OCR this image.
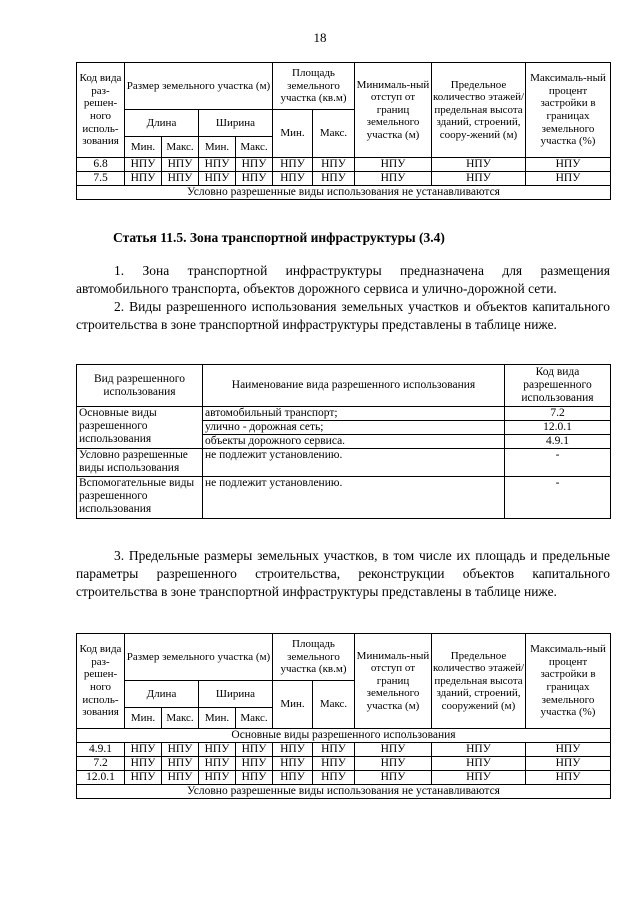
18
Код вида раз-решен-ного исполь-зования	Размер земельного участка (м)				Площадь земельного участка (кв.м)		Минималь-ный отступ от границ земельного участка (м)	Предельное количество этажей/ предельная высота зданий, строений, соору-жений (м)	Максималь-ный процент застройки в границах земельного участка (%)
	Длина		Ширина		Мин.	Макс.			
	Мин.	Макс.	Мин.	Макс.					
6.8	НПУ	НПУ	НПУ	НПУ	НПУ	НПУ	НПУ	НПУ	НПУ
7.5	НПУ	НПУ	НПУ	НПУ	НПУ	НПУ	НПУ	НПУ	НПУ
Условно разрешенные виды использования не устанавливаются									
Статья 11.5. Зона транспортной инфраструктуры (3.4)

1. Зона транспортной инфраструктуры предназначена для размещения автомобильного транспорта, объектов дорожного сервиса и улично-дорожной сети.

2. Виды разрешенного использования земельных участков и объектов капитального строительства в зоне транспортной инфраструктуры представлены в таблице ниже.

Вид разрешенного использования	Наименование вида разрешенного использования	Код вида разрешенного использования
Основные виды разрешенного использования	автомобильный транспорт;	7.2
	улично - дорожная сеть;	12.0.1
	объекты дорожного сервиса.	4.9.1
Условно разрешенные виды использования	не подлежит установлению.	-
Вспомогательные виды разрешенного использования	не подлежит установлению.	-

3. Предельные размеры земельных участков, в том числе их площадь и предельные параметры разрешенного строительства, реконструкции объектов капитального строительства в зоне транспортной инфраструктуры представлены в таблице ниже.

Код вида раз-решен-ного исполь-зования	Размер земельного участка (м)				Площадь земельного участка (кв.м)		Минималь-ный отступ от границ земельного участка (м)	Предельное количество этажей/ предельная высота зданий, строений, сооружений (м)	Максималь-ный процент застройки в границах земельного участка (%)
	Длина		Ширина		Мин.	Макс.			
	Мин.	Макс.	Мин.	Макс.					
Основные виды разрешенного использования									
4.9.1	НПУ	НПУ	НПУ	НПУ	НПУ	НПУ	НПУ	НПУ	НПУ
7.2	НПУ	НПУ	НПУ	НПУ	НПУ	НПУ	НПУ	НПУ	НПУ
12.0.1	НПУ	НПУ	НПУ	НПУ	НПУ	НПУ	НПУ	НПУ	НПУ
Условно разрешенные виды использования не устанавливаются									
